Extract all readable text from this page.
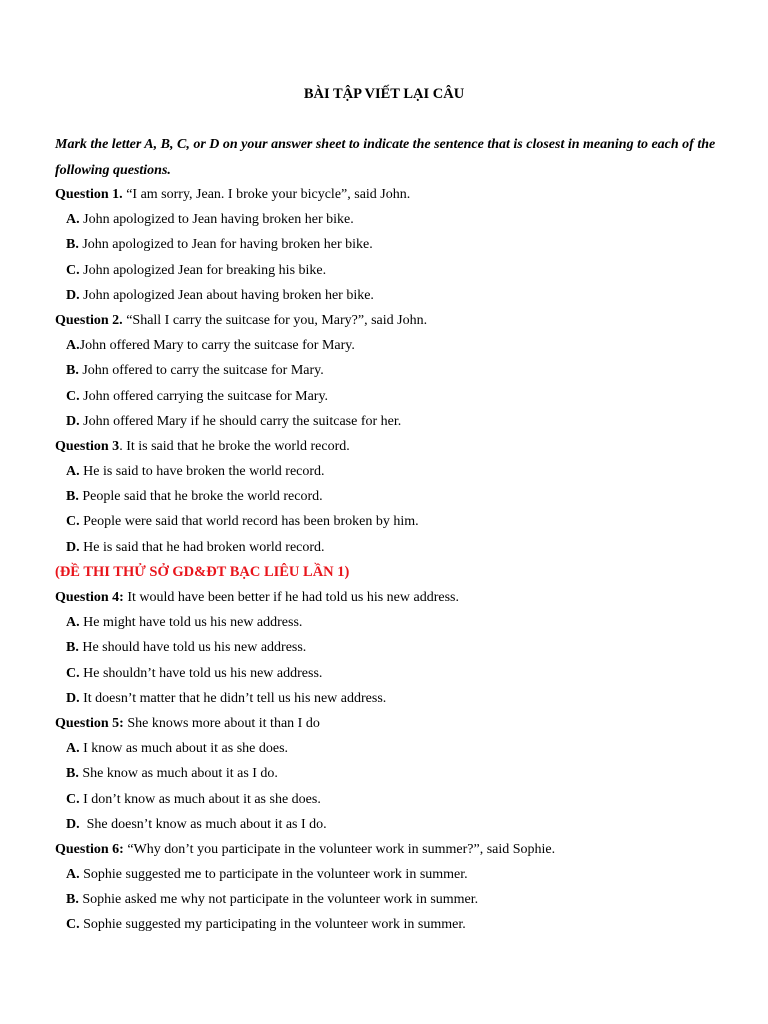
BÀI TẬP VIẾT LẠI CÂU
Mark the letter A, B, C, or D on your answer sheet to indicate the sentence that is closest in meaning to each of the following questions.
Question 1. “I am sorry, Jean. I broke your bicycle”, said John.
A. John apologized to Jean having broken her bike.
B. John apologized to Jean for having broken her bike.
C. John apologized Jean for breaking his bike.
D. John apologized Jean about having broken her bike.
Question 2. “Shall I carry the suitcase for you, Mary?”, said John.
A.John offered Mary to carry the suitcase for Mary.
B. John offered to carry the suitcase for Mary.
C. John offered carrying the suitcase for Mary.
D. John offered Mary if he should carry the suitcase for her.
Question 3. It is said that he broke the world record.
A. He is said to have broken the world record.
B. People said that he broke the world record.
C. People were said that world record has been broken by him.
D. He is said that he had broken world record.
(ĐỀ THI THỬ SỞ GD&ĐT BẠC LIÊU LẦN 1)
Question 4: It would have been better if he had told us his new address.
A. He might have told us his new address.
B. He should have told us his new address.
C. He shouldn’t have told us his new address.
D. It doesn’t matter that he didn’t tell us his new address.
Question 5: She knows more about it than I do
A. I know as much about it as she does.
B. She know as much about it as I do.
C. I don’t know as much about it as she does.
D.  She doesn’t know as much about it as I do.
Question 6: “Why don’t you participate in the volunteer work in summer?”, said Sophie.
A. Sophie suggested me to participate in the volunteer work in summer.
B. Sophie asked me why not participate in the volunteer work in summer.
C. Sophie suggested my participating in the volunteer work in summer.
